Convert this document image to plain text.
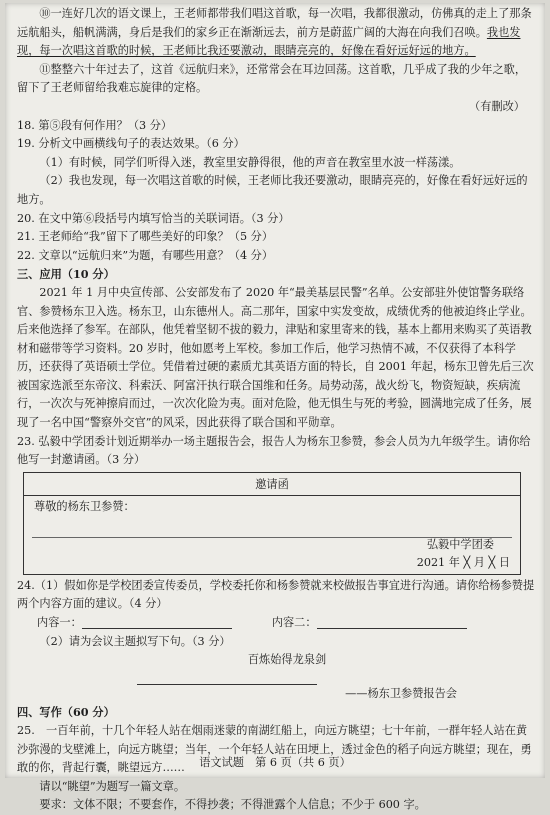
⑩一连好几次的语文课上，王老师都带我们唱这首歌，每一次唱，我都很激动，仿佛真的走上了那条远航船头，船帆满满，身后是我们的家乡正在渐渐远去，前方是蔚蓝广阔的大海在向我们召唤。我也发现，每一次唱这首歌的时候，王老师比我还要激动，眼睛亮亮的，好像在看好远好远的地方。

⑪整整六十年过去了，这首《远航归来》，还常常会在耳边回荡。这首歌，几乎成了我的少年之歌，留下了王老师留给我难忘旋律的定格。

（有删改）

18. 第⑤段有何作用？（3 分）

19. 分析文中画横线句子的表达效果。（6 分）

（1）有时候，同学们听得入迷，教室里安静得很，他的声音在教室里水波一样荡漾。

（2）我也发现，每一次唱这首歌的时候，王老师比我还要激动，眼睛亮亮的，好像在看好远好远的地方。

20. 在文中第⑥段括号内填写恰当的关联词语。（3 分）

21. 王老师给“我”留下了哪些美好的印象？（5 分）

22. 文章以“远航归来”为题，有哪些用意？（4 分）

三、应用（10 分）

2021 年 1 月中央宣传部、公安部发布了 2020 年“最美基层民警”名单。公安部驻外使馆警务联络官、参赞杨东卫入选。杨东卫，山东德州人。高二那年，国家中实发变故，成绩优秀的他被迫终止学业。后来他选择了参军。在部队，他凭着坚韧不拔的毅力，津贴和家里寄来的钱，基本上都用来购买了英语教材和磁带等学习资料。20 岁时，他如愿考上军校。参加工作后，他学习热情不减，不仅获得了本科学历，还获得了英语硕士学位。凭借着过硬的素质尤其英语方面的特长，自 2001 年起，杨东卫曾先后三次被国家选派至东帝汶、科索沃、阿富汗执行联合国维和任务。局势动荡，战火纷飞，物资短缺，疾病流行，一次次与死神擦肩而过，一次次化险为夷。面对危险，他无惧生与死的考验，圆满地完成了任务，展现了一名中国“警察外交官”的风采，因此获得了联合国和平勋章。

23. 弘毅中学团委计划近期举办一场主题报告会，报告人为杨东卫参赞，参会人员为九年级学生。请你给他写一封邀请函。（3 分）

邀请函
尊敬的杨东卫参赞：
弘毅中学团委
2021 年 ╳ 月 ╳ 日

24.（1）假如你是学校团委宣传委员，学校委托你和杨参赞就来校做报告事宜进行沟通。请你给杨参赞提两个内容方面的建议。（4 分）

内容一：	内容二：

（2）请为会议主题拟写下句。（3 分）

百炼始得龙泉剑

——杨东卫参赞报告会

四、写作（60 分）

25.　 一百年前，十几个年轻人站在烟雨迷蒙的南湖红船上，向远方眺望；七十年前，一群年轻人站在黄沙弥漫的戈壁滩上，向远方眺望；当年，一个年轻人站在田埂上，透过金色的稻子向远方眺望；现在，勇敢的你，背起行囊，眺望远方……

请以“眺望”为题写一篇文章。

要求：文体不限；不要套作，不得抄袭；不得泄露个人信息；不少于 600 字。

语文试题　第 6 页（共 6 页）
